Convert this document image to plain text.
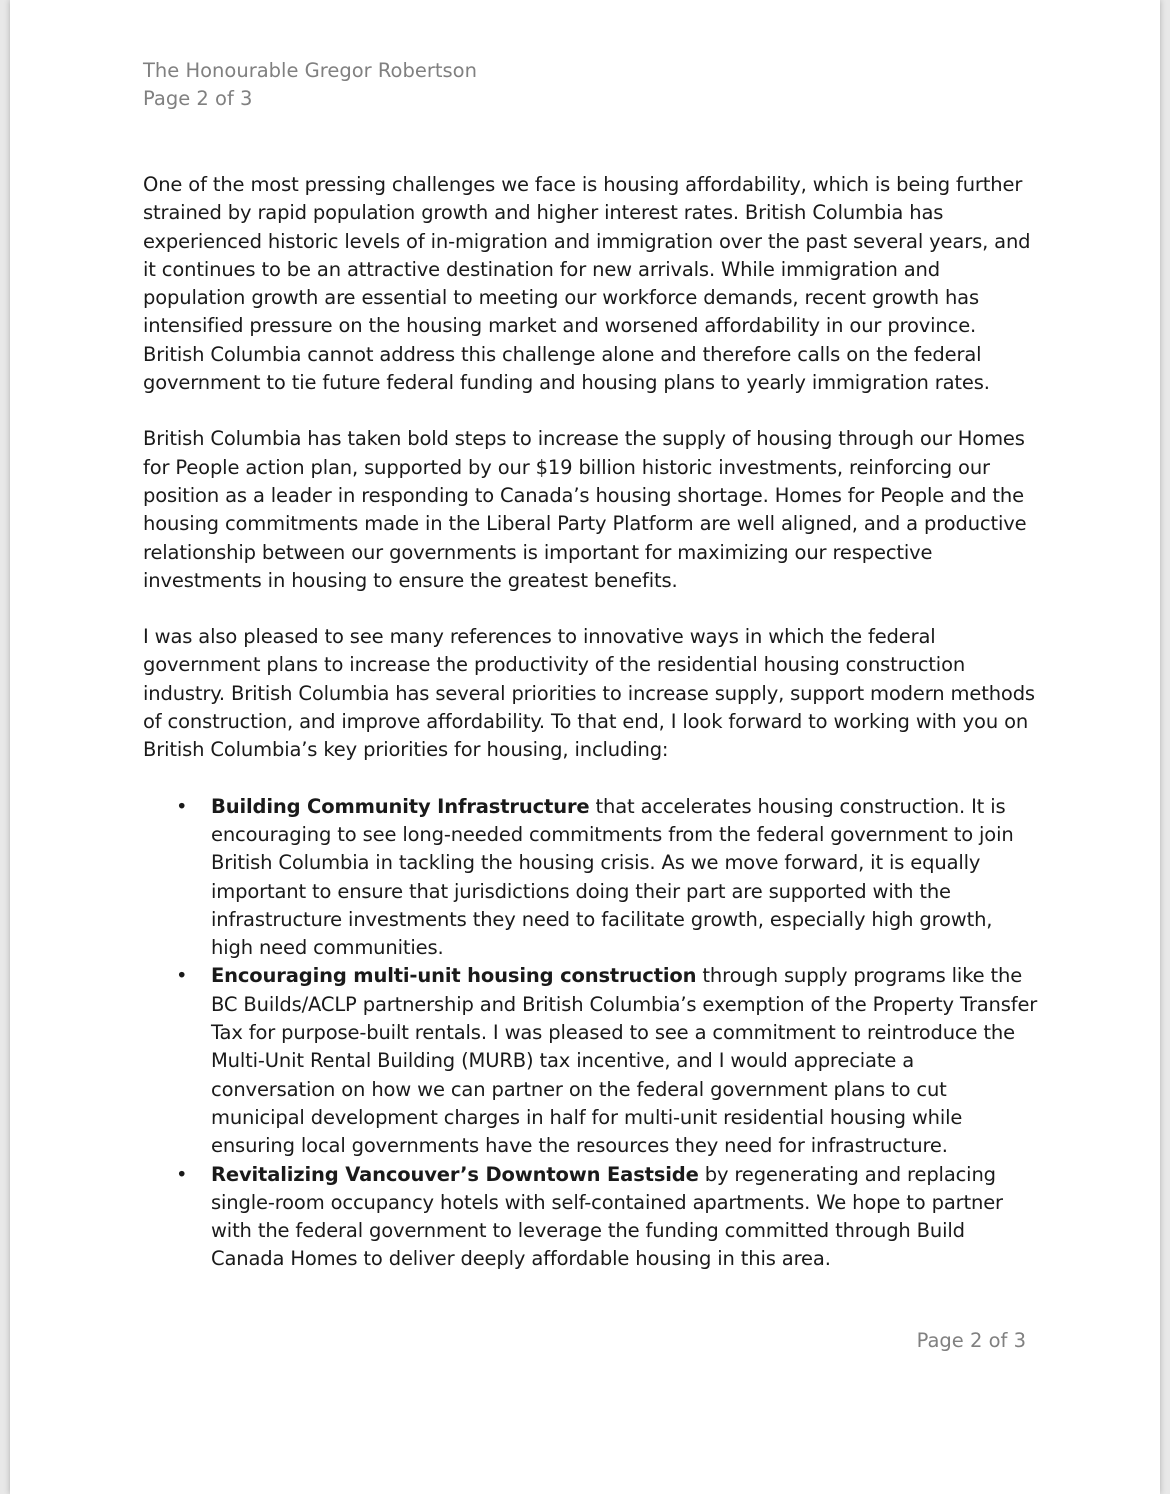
The Honourable Gregor Robertson

Page 2 of 3

One of the most pressing challenges we face is housing affordability, which is being further strained by rapid population growth and higher interest rates. British Columbia has experienced historic levels of in-migration and immigration over the past several years, and it continues to be an attractive destination for new arrivals. While immigration and population growth are essential to meeting our workforce demands, recent growth has intensified pressure on the housing market and worsened affordability in our province. British Columbia cannot address this challenge alone and therefore calls on the federal government to tie future federal funding and housing plans to yearly immigration rates.

British Columbia has taken bold steps to increase the supply of housing through our Homes for People action plan, supported by our $19 billion historic investments, reinforcing our position as a leader in responding to Canada’s housing shortage. Homes for People and the housing commitments made in the Liberal Party Platform are well aligned, and a productive relationship between our governments is important for maximizing our respective investments in housing to ensure the greatest benefits.

I was also pleased to see many references to innovative ways in which the federal government plans to increase the productivity of the residential housing construction industry. British Columbia has several priorities to increase supply, support modern methods of construction, and improve affordability. To that end, I look forward to working with you on British Columbia’s key priorities for housing, including:

• Building Community Infrastructure that accelerates housing construction. It is encouraging to see long-needed commitments from the federal government to join British Columbia in tackling the housing crisis. As we move forward, it is equally important to ensure that jurisdictions doing their part are supported with the infrastructure investments they need to facilitate growth, especially high growth, high need communities.
• Encouraging multi-unit housing construction through supply programs like the BC Builds/ACLP partnership and British Columbia’s exemption of the Property Transfer Tax for purpose-built rentals. I was pleased to see a commitment to reintroduce the Multi-Unit Rental Building (MURB) tax incentive, and I would appreciate a conversation on how we can partner on the federal government plans to cut municipal development charges in half for multi-unit residential housing while ensuring local governments have the resources they need for infrastructure.
• Revitalizing Vancouver’s Downtown Eastside by regenerating and replacing single-room occupancy hotels with self-contained apartments. We hope to partner with the federal government to leverage the funding committed through Build Canada Homes to deliver deeply affordable housing in this area.
Page 2 of 3
